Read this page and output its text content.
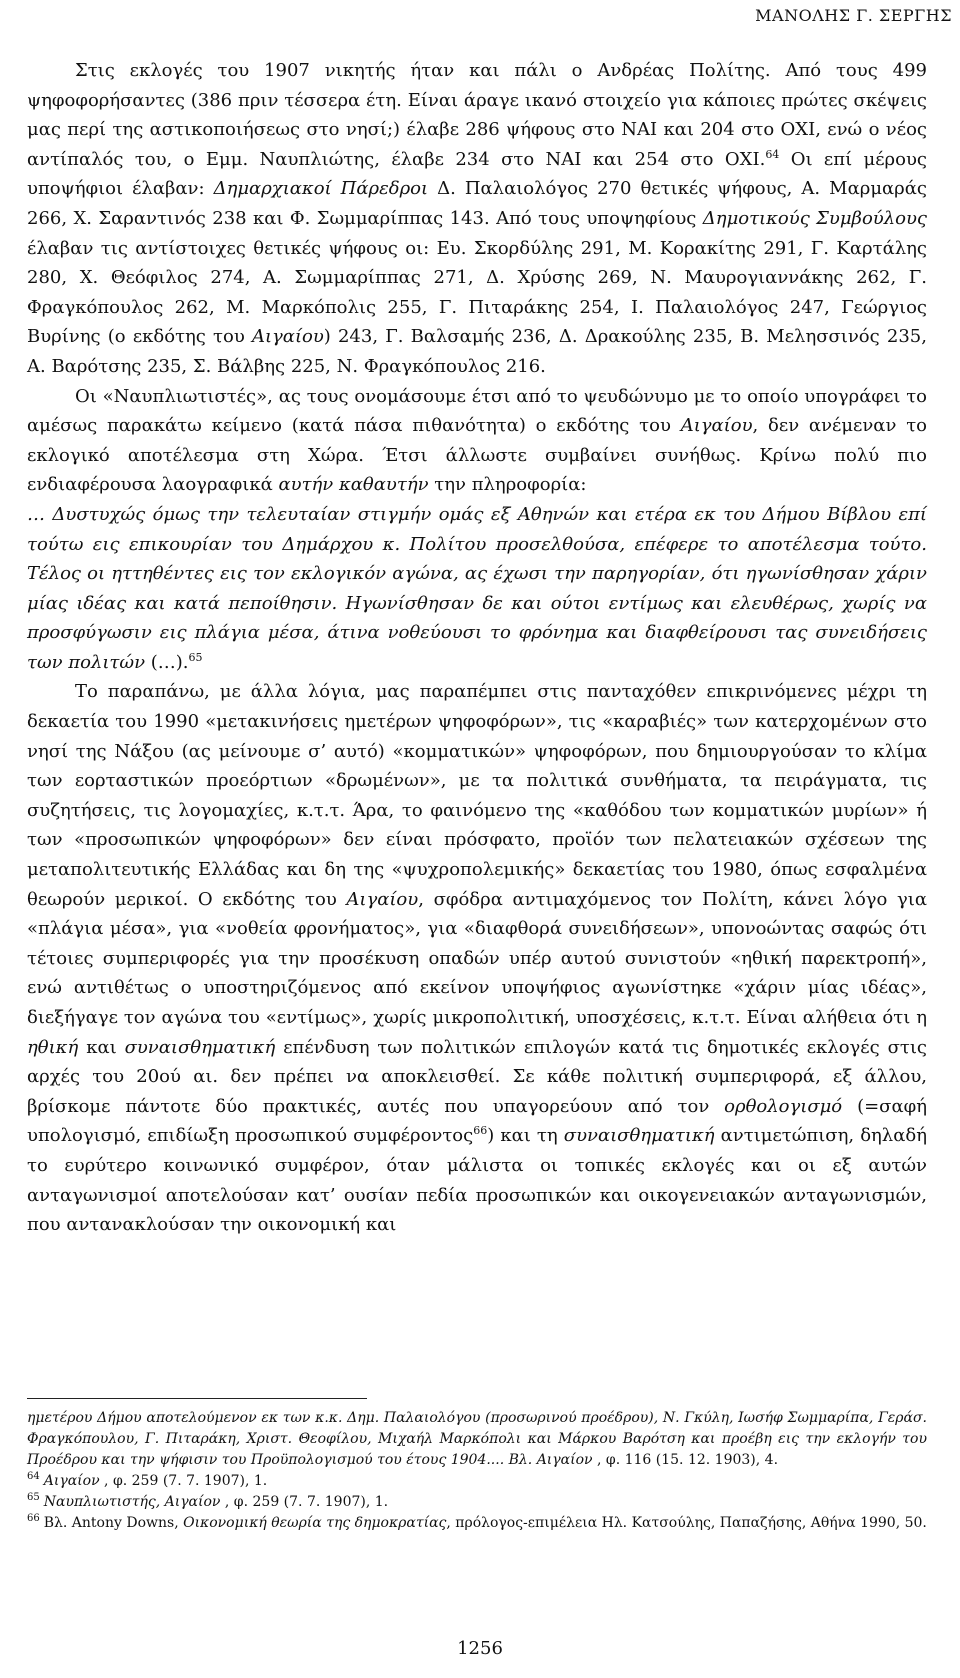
ΜΑΝΟΛΗΣ Γ. ΣΕΡΓΗΣ

Στις εκλογές του 1907 νικητής ήταν και πάλι ο Ανδρέας Πολίτης. Από τους 499 ψηφοφορήσαντες (386 πριν τέσσερα έτη. Είναι άραγε ικανό στοιχείο για κάποιες πρώτες σκέψεις μας περί της αστικοποιήσεως στο νησί;) έλαβε 286 ψήφους στο ΝΑΙ και 204 στο ΟΧΙ, ενώ ο νέος αντίπαλός του, ο Εμμ. Ναυπλιώτης, έλαβε 234 στο ΝΑΙ και 254 στο ΟΧΙ.$^{64}$ Οι επί μέρους υποψήφιοι έλαβαν: Δημαρχιακοί Πάρεδροι Δ. Παλαιολόγος 270 θετικές ψήφους, Α. Μαρμαράς 266, Χ. Σαραντινός 238 και Φ. Σωμμαρίππας 143. Από τους υποψηφίους Δημοτικούς Συμβούλους έλαβαν τις αντίστοιχες θετικές ψήφους οι: Ευ. Σκορδύλης 291, Μ. Κορακίτης 291, Γ. Καρτάλης 280, Χ. Θεόφιλος 274, Α. Σωμμαρίππας 271, Δ. Χρύσης 269, Ν. Μαυρογιαννάκης 262, Γ. Φραγκόπουλος 262, Μ. Μαρκόπολις 255, Γ. Πιταράκης 254, Ι. Παλαιολόγος 247, Γεώργιος Βυρίνης (ο εκδότης του Αιγαίου) 243, Γ. Βαλσαμής 236, Δ. Δρακούλης 235, Β. Μελησσινός 235, Α. Βαρότσης 235, Σ. Βάλβης 225, Ν. Φραγκόπουλος 216.

Οι «Ναυπλιωτιστές», ας τους ονομάσουμε έτσι από το ψευδώνυμο με το οποίο υπογράφει το αμέσως παρακάτω κείμενο (κατά πάσα πιθανότητα) ο εκδότης του Αιγαίου, δεν ανέμεναν το εκλογικό αποτέλεσμα στη Χώρα. Έτσι άλλωστε συμβαίνει συνήθως. Κρίνω πολύ πιο ενδιαφέρουσα λαογραφικά αυτήν καθαυτήν την πληροφορία:

… Δυστυχώς όμως την τελευταίαν στιγμήν ομάς εξ Αθηνών και ετέρα εκ του Δήμου Βίβλου επί τούτω εις επικουρίαν του Δημάρχου κ. Πολίτου προσελθούσα, επέφερε το αποτέλεσμα τούτο. Τέλος οι ηττηθέντες εις τον εκλογικόν αγώνα, ας έχωσι την παρηγορίαν, ότι ηγωνίσθησαν χάριν μίας ιδέας και κατά πεποίθησιν. Ηγωνίσθησαν δε και ούτοι εντίμως και ελευθέρως, χωρίς να προσφύγωσιν εις πλάγια μέσα, άτινα νοθεύουσι το φρόνημα και διαφθείρουσι τας συνειδήσεις των πολιτών (…).$^{65}$

Το παραπάνω, με άλλα λόγια, μας παραπέμπει στις πανταχόθεν επικρινόμενες μέχρι τη δεκαετία του 1990 «μετακινήσεις ημετέρων ψηφοφόρων», τις «καραβιές» των κατερχομένων στο νησί της Νάξου (ας μείνουμε σ’ αυτό) «κομματικών» ψηφοφόρων, που δημιουργούσαν το κλίμα των εορταστικών προεόρτιων «δρωμένων», με τα πολιτικά συνθήματα, τα πειράγματα, τις συζητήσεις, τις λογομαχίες, κ.τ.τ. Άρα, το φαινόμενο της «καθόδου των κομματικών μυρίων» ή των «προσωπικών ψηφοφόρων» δεν είναι πρόσφατο, προϊόν των πελατειακών σχέσεων της μεταπολιτευτικής Ελλάδας και δη της «ψυχροπολεμικής» δεκαετίας του 1980, όπως εσφαλμένα θεωρούν μερικοί. Ο εκδότης του Αιγαίου, σφόδρα αντιμαχόμενος τον Πολίτη, κάνει λόγο για «πλάγια μέσα», για «νοθεία φρονήματος», για «διαφθορά συνειδήσεων», υπονοώντας σαφώς ότι τέτοιες συμπεριφορές για την προσέκυση οπαδών υπέρ αυτού συνιστούν «ηθική παρεκτροπή», ενώ αντιθέτως ο υποστηριζόμενος από εκείνον υποψήφιος αγωνίστηκε «χάριν μίας ιδέας», διεξήγαγε τον αγώνα του «εντίμως», χωρίς μικροπολιτική, υποσχέσεις, κ.τ.τ. Είναι αλήθεια ότι η ηθική και συναισθηματική επένδυση των πολιτικών επιλογών κατά τις δημοτικές εκλογές στις αρχές του 20ού αι. δεν πρέπει να αποκλεισθεί. Σε κάθε πολιτική συμπεριφορά, εξ άλλου, βρίσκομε πάντοτε δύο πρακτικές, αυτές που υπαγορεύουν από τον ορθολογισμό (=σαφή υπολογισμό, επιδίωξη προσωπικού συμφέροντος$^{66}$) και τη συναισθηματική αντιμετώπιση, δηλαδή το ευρύτερο κοινωνικό συμφέρον, όταν μάλιστα οι τοπικές εκλογές και οι εξ αυτών ανταγωνισμοί αποτελούσαν κατ’ ουσίαν πεδία προσωπικών και οικογενειακών ανταγωνισμών, που αντανακλούσαν την οικονομική και

ημετέρου Δήμου αποτελούμενον εκ των κ.κ. Δημ. Παλαιολόγου (προσωρινού προέδρου), Ν. Γκύλη, Ιωσήφ Σωμμαρίπα, Γεράσ. Φραγκόπουλου, Γ. Πιταράκη, Χριστ. Θεοφίλου, Μιχαήλ Μαρκόπολι και Μάρκου Βαρότση και προέβη εις την εκλογήν του Προέδρου και την ψήφισιν του Προϋπολογισμού του έτους 1904.... Βλ. Αιγαίον , φ. 116 (15. 12. 1903), 4.

$^{64}$ Αιγαίον , φ. 259 (7. 7. 1907), 1.

$^{65}$ Ναυπλιωτιστής, Αιγαίον , φ. 259 (7. 7. 1907), 1.

$^{66}$ Βλ. Antony Downs, Οικονομική θεωρία της δημοκρατίας, πρόλογος-επιμέλεια Ηλ. Κατσούλης, Παπαζήσης, Αθήνα 1990, 50.

1256
